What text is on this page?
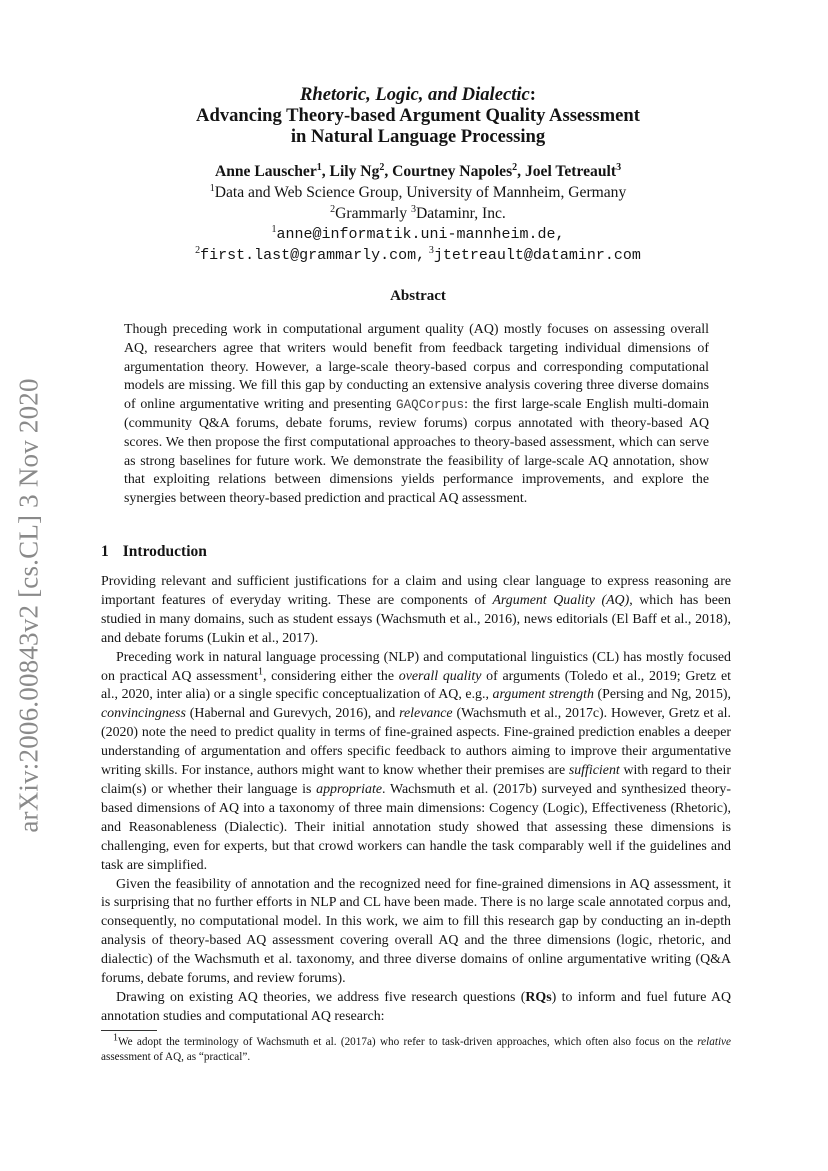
arXiv:2006.00843v2 [cs.CL] 3 Nov 2020
Rhetoric, Logic, and Dialectic:
Advancing Theory-based Argument Quality Assessment
in Natural Language Processing
Anne Lauscher$^1$, Lily Ng$^2$, Courtney Napoles$^2$, Joel Tetreault$^3$
$^1$Data and Web Science Group, University of Mannheim, Germany
$^2$Grammarly $^3$Dataminr, Inc.
$^1$anne@informatik.uni-mannheim.de,
$^2$first.last@grammarly.com, $^3$jtetreault@dataminr.com
Abstract
Though preceding work in computational argument quality (AQ) mostly focuses on assessing overall AQ, researchers agree that writers would benefit from feedback targeting individual dimensions of argumentation theory. However, a large-scale theory-based corpus and corresponding computational models are missing. We fill this gap by conducting an extensive analysis covering three diverse domains of online argumentative writing and presenting GAQCorpus: the first large-scale English multi-domain (community Q&A forums, debate forums, review forums) corpus annotated with theory-based AQ scores. We then propose the first computational approaches to theory-based assessment, which can serve as strong baselines for future work. We demonstrate the feasibility of large-scale AQ annotation, show that exploiting relations between dimensions yields performance improvements, and explore the synergies between theory-based prediction and practical AQ assessment.
1 Introduction

Providing relevant and sufficient justifications for a claim and using clear language to express reasoning are important features of everyday writing. These are components of Argument Quality (AQ), which has been studied in many domains, such as student essays (Wachsmuth et al., 2016), news editorials (El Baff et al., 2018), and debate forums (Lukin et al., 2017).

Preceding work in natural language processing (NLP) and computational linguistics (CL) has mostly focused on practical AQ assessment$^1$, considering either the overall quality of arguments (Toledo et al., 2019; Gretz et al., 2020, inter alia) or a single specific conceptualization of AQ, e.g., argument strength (Persing and Ng, 2015), convincingness (Habernal and Gurevych, 2016), and relevance (Wachsmuth et al., 2017c). However, Gretz et al. (2020) note the need to predict quality in terms of fine-grained aspects. Fine-grained prediction enables a deeper understanding of argumentation and offers specific feedback to authors aiming to improve their argumentative writing skills. For instance, authors might want to know whether their premises are sufficient with regard to their claim(s) or whether their language is appropriate. Wachsmuth et al. (2017b) surveyed and synthesized theory-based dimensions of AQ into a taxonomy of three main dimensions: Cogency (Logic), Effectiveness (Rhetoric), and Reasonableness (Dialectic). Their initial annotation study showed that assessing these dimensions is challenging, even for experts, but that crowd workers can handle the task comparably well if the guidelines and task are simplified.

Given the feasibility of annotation and the recognized need for fine-grained dimensions in AQ assessment, it is surprising that no further efforts in NLP and CL have been made. There is no large scale annotated corpus and, consequently, no computational model. In this work, we aim to fill this research gap by conducting an in-depth analysis of theory-based AQ assessment covering overall AQ and the three dimensions (logic, rhetoric, and dialectic) of the Wachsmuth et al. taxonomy, and three diverse domains of online argumentative writing (Q&A forums, debate forums, and review forums).

Drawing on existing AQ theories, we address five research questions (RQs) to inform and fuel future AQ annotation studies and computational AQ research:

$^1$We adopt the terminology of Wachsmuth et al. (2017a) who refer to task-driven approaches, which often also focus on the relative assessment of AQ, as “practical”.
